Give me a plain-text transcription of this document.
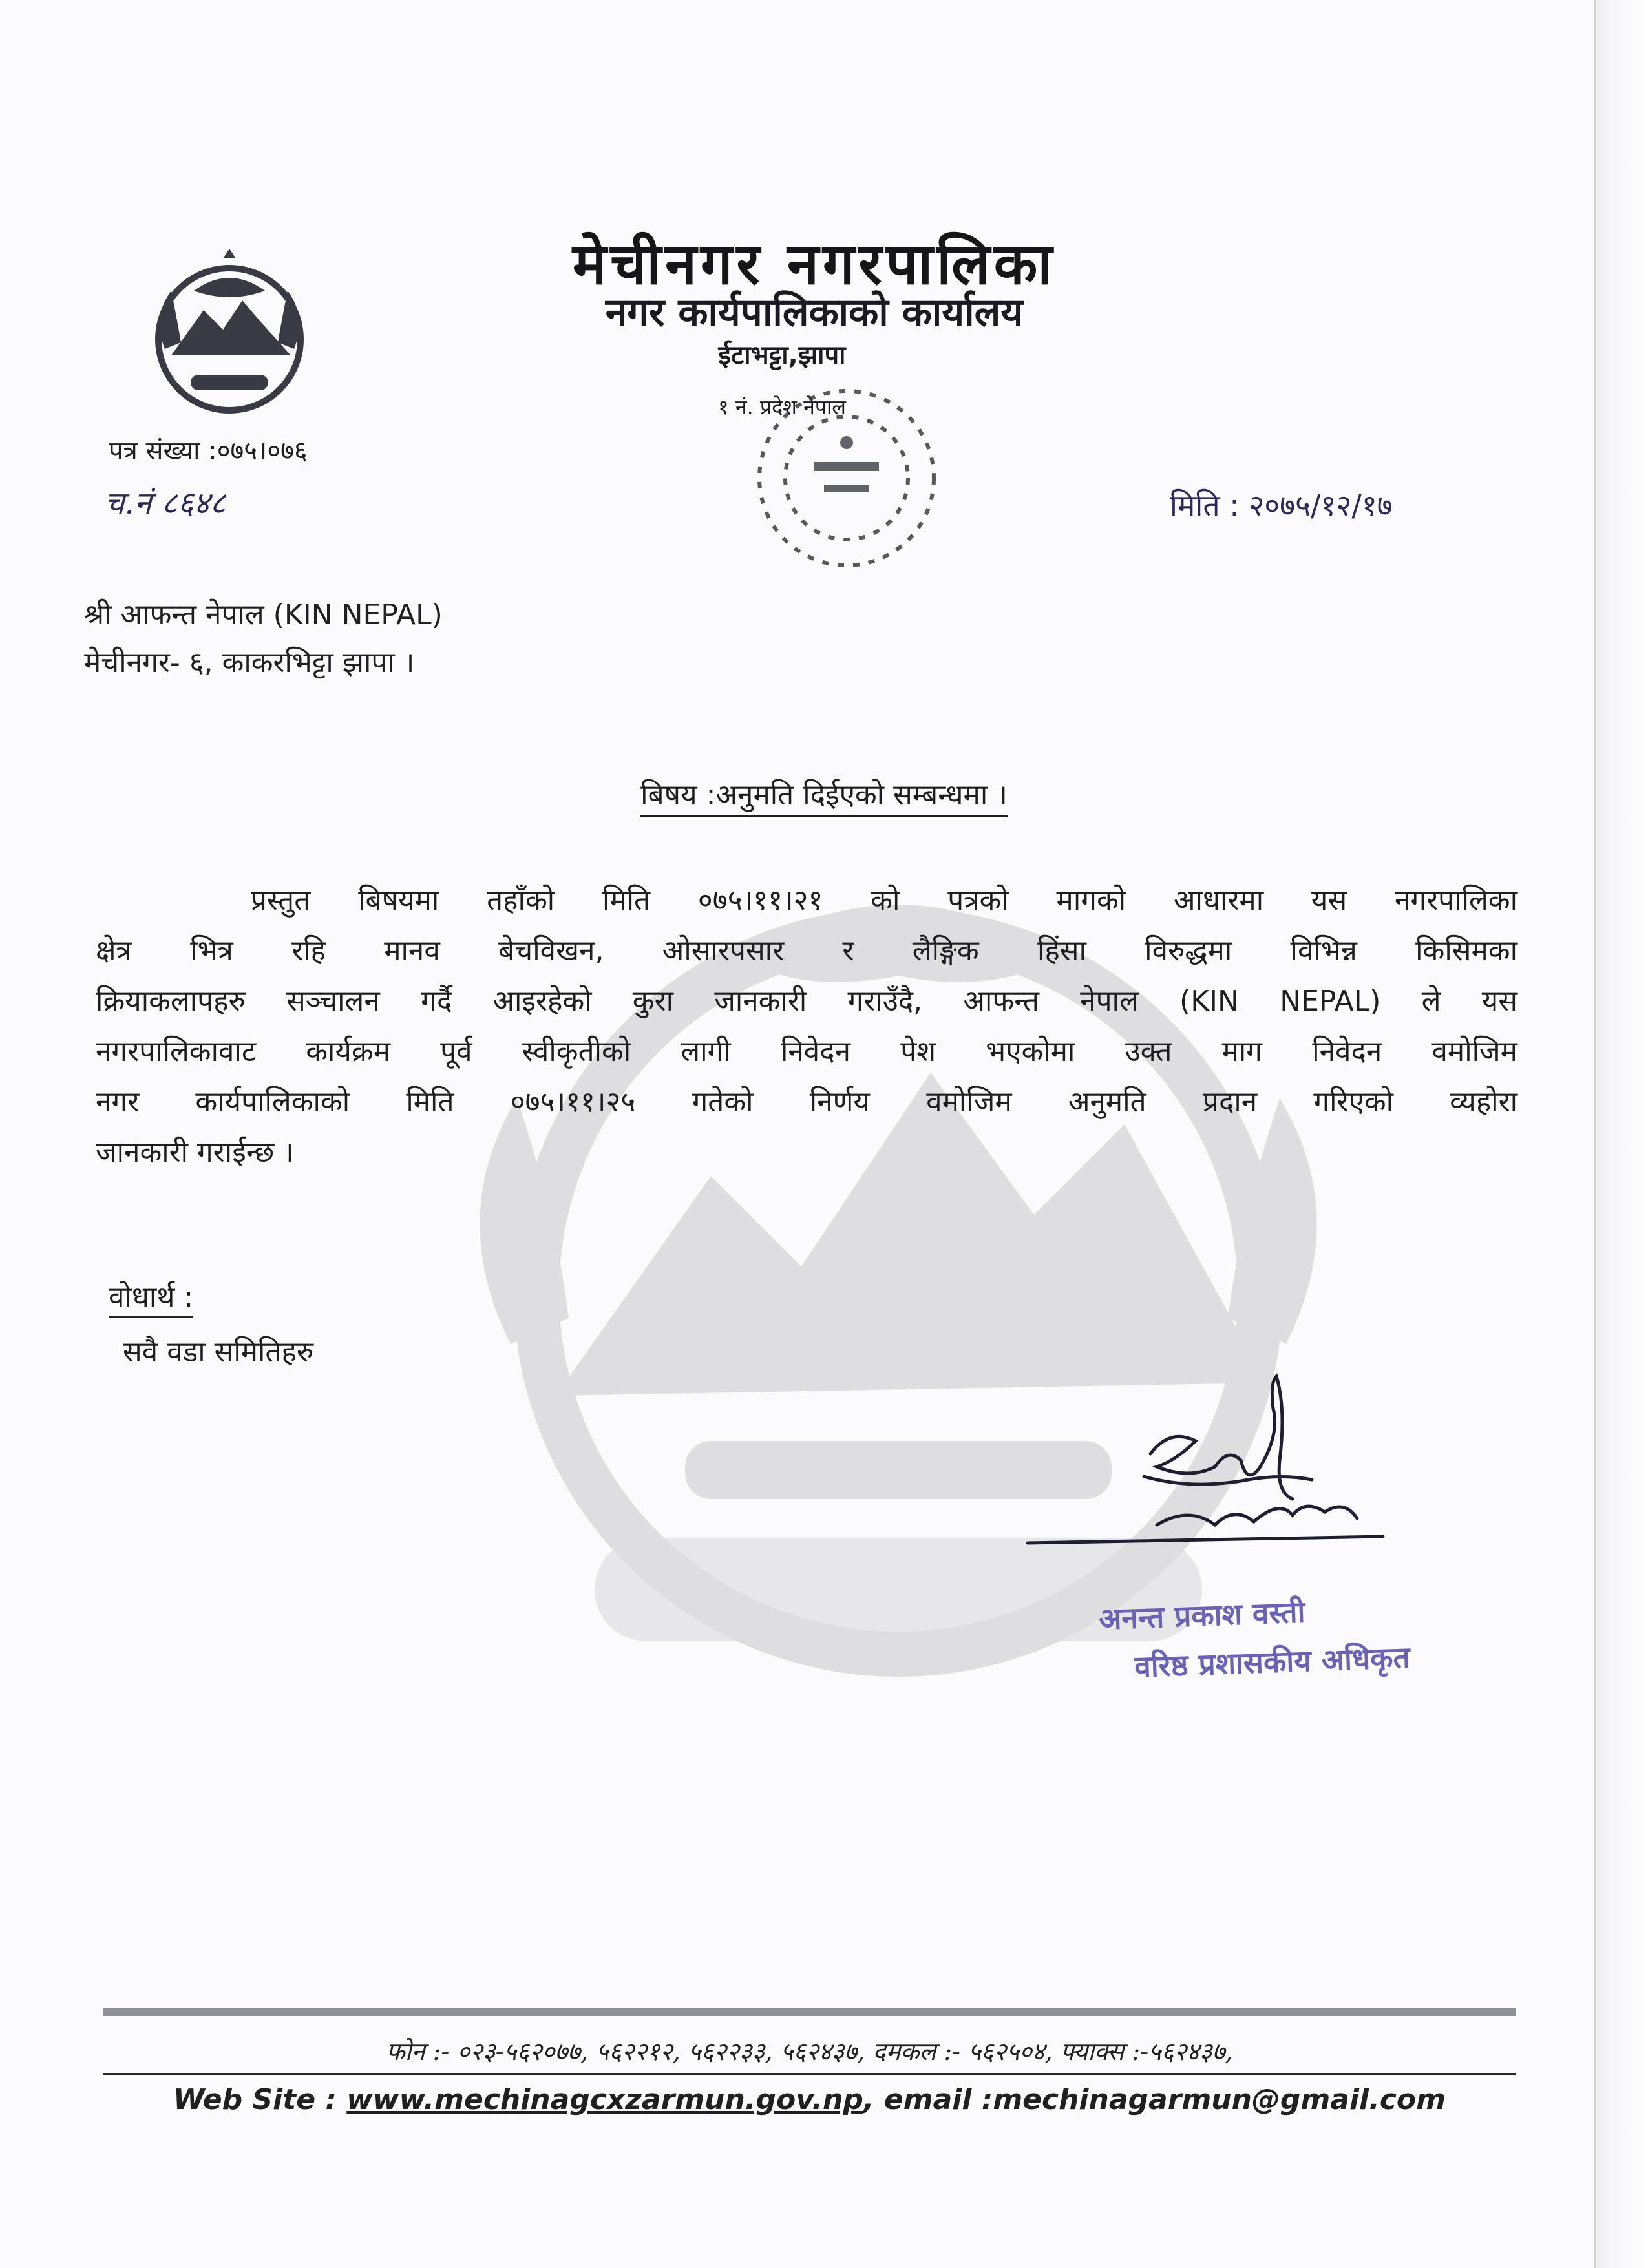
मेचीनगर नगरपालिका
नगर कार्यपालिकाको कार्यालय
ईटाभट्टा,झापा
१ नं. प्रदेश नेपाल
पत्र संख्या :०७५।०७६
च.नं ८६४८	मिति : २०७५/१२/१७
श्री आफन्त नेपाल (KIN NEPAL)
मेचीनगर- ६, काकरभिट्टा झापा ।
बिषय :अनुमति दिईएको सम्बन्धमा ।
प्रस्तुत बिषयमा तहाँको मिति ०७५।११।२१ को पत्रको मागको आधारमा यस नगरपालिका
क्षेत्र भित्र रहि मानव बेचविखन, ओसारपसार र लैङ्गिक हिंसा विरुद्धमा विभिन्न किसिमका
क्रियाकलापहरु सञ्चालन गर्दै आइरहेको कुरा जानकारी गराउँदै, आफन्त नेपाल (KIN NEPAL) ले यस
नगरपालिकावाट कार्यक्रम पूर्व स्वीकृतीको लागी निवेदन पेश भएकोमा उक्त माग निवेदन वमोजिम
नगर कार्यपालिकाको मिति ०७५।११।२५ गतेको निर्णय वमोजिम अनुमति प्रदान गरिएको व्यहोरा
जानकारी गराईन्छ ।
वोधार्थ :
सवै वडा समितिहरु
अनन्त प्रकाश वस्ती
वरिष्ठ प्रशासकीय अधिकृत
फोन :- ०२३-५६२०७७, ५६२२१२, ५६२२३३, ५६२४३७, दमकल :- ५६२५०४, फ्याक्स :-५६२४३७,
Web Site : www.mechinagcxzarmun.gov.np, email :mechinagarmun@gmail.com
